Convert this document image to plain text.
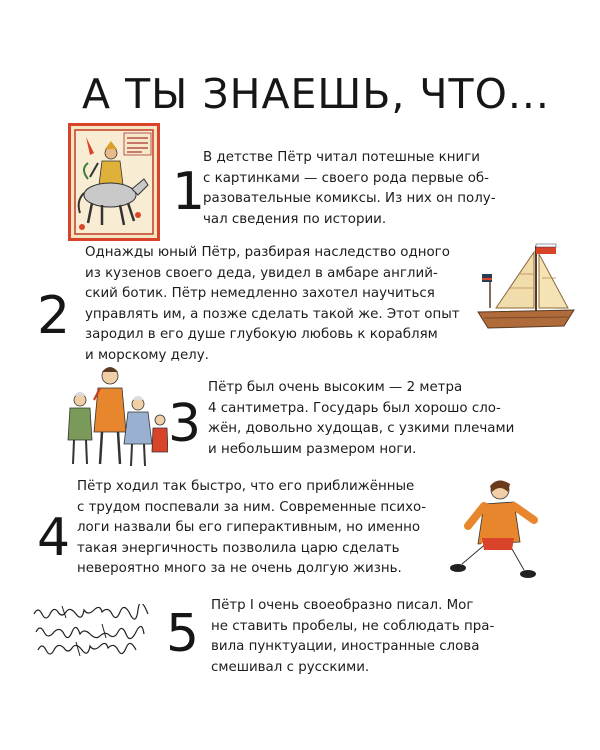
А ТЫ ЗНАЕШЬ, ЧТО...
1
В детстве Пётр читал потешные книги
с картинками — своего рода первые об-
разовательные комиксы. Из них он полу-
чал сведения по истории.
2
Однажды юный Пётр, разбирая наследство одного
из кузенов своего деда, увидел в амбаре англий-
ский ботик. Пётр немедленно захотел научиться
управлять им, а позже сделать такой же. Этот опыт
зародил в его душе глубокую любовь к кораблям
и морскому делу.
3
Пётр был очень высоким — 2 метра
4 сантиметра. Государь был хорошо сло-
жён, довольно худощав, с узкими плечами
и небольшим размером ноги.
4
Пётр ходил так быстро, что его приближённые
с трудом поспевали за ним. Современные психо-
логи назвали бы его гиперактивным, но именно
такая энергичность позволила царю сделать
невероятно много за не очень долгую жизнь.
5 Пётр I очень своеобразно писал. Мог
не ставить пробелы, не соблюдать пра-
вила пунктуации, иностранные слова
смешивал с русскими.
